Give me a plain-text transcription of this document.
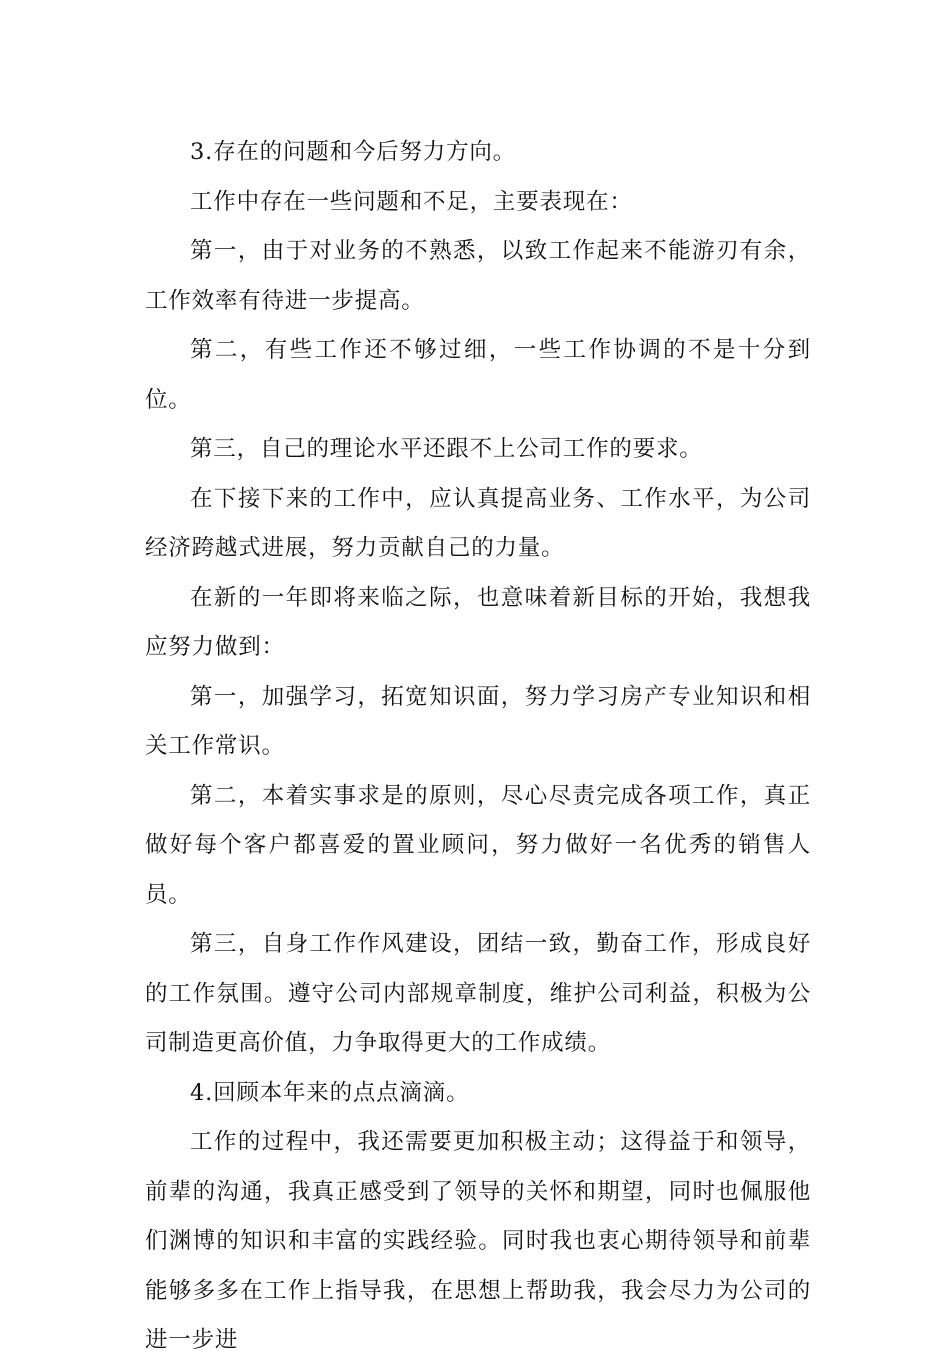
3.存在的问题和今后努力方向。

工作中存在一些问题和不足，主要表现在：

第一，由于对业务的不熟悉，以致工作起来不能游刃有余，工作效率有待进一步提高。

第二，有些工作还不够过细，一些工作协调的不是十分到位。

第三，自己的理论水平还跟不上公司工作的要求。

在下接下来的工作中，应认真提高业务、工作水平，为公司经济跨越式进展，努力贡献自己的力量。

在新的一年即将来临之际，也意味着新目标的开始，我想我应努力做到：

第一，加强学习，拓宽知识面，努力学习房产专业知识和相关工作常识。

第二，本着实事求是的原则，尽心尽责完成各项工作，真正做好每个客户都喜爱的置业顾问，努力做好一名优秀的销售人员。

第三，自身工作作风建设，团结一致，勤奋工作，形成良好的工作氛围。遵守公司内部规章制度，维护公司利益，积极为公司制造更高价值，力争取得更大的工作成绩。

4.回顾本年来的点点滴滴。

工作的过程中，我还需要更加积极主动；这得益于和领导，前辈的沟通，我真正感受到了领导的关怀和期望，同时也佩服他们渊博的知识和丰富的实践经验。同时我也衷心期待领导和前辈能够多多在工作上指导我，在思想上帮助我，我会尽力为公司的进一步进
